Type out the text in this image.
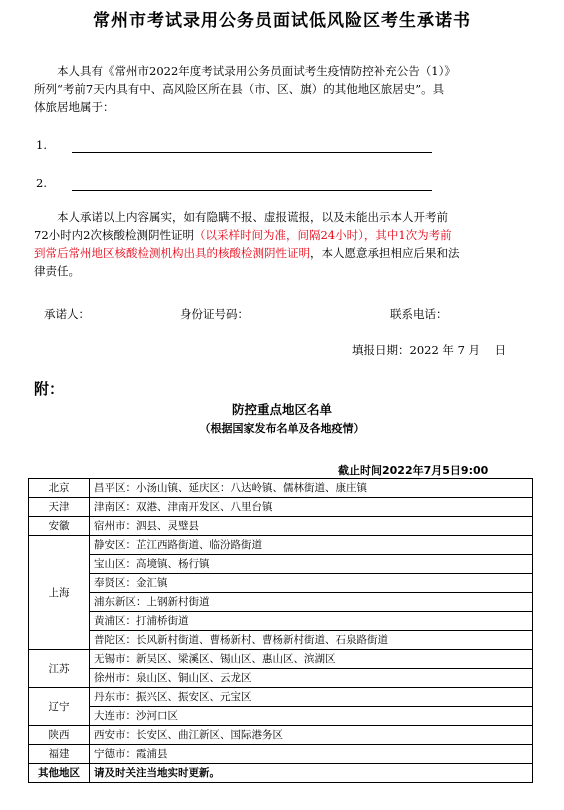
常州市考试录用公务员面试低风险区考生承诺书
本人具有《常州市2022年度考试录用公务员面试考生疫情防控补充公告（1）》
所列“考前7天内具有中、高风险区所在县（市、区、旗）的其他地区旅居史”。具
体旅居地属于：
1.
2.
本人承诺以上内容属实，如有隐瞒不报、虚报谎报，以及未能出示本人开考前
72小时内2次核酸检测阴性证明（以采样时间为准，间隔24小时），其中1次为考前
到常后常州地区核酸检测机构出具的核酸检测阴性证明，本人愿意承担相应后果和法
律责任。
承诺人：	身份证号码：	联系电话：
填报日期：2022 年 7 月    日
附：
防控重点地区名单
（根据国家发布名单及各地疫情）
截止时间2022年7月5日9:00
北京	昌平区：小汤山镇、延庆区：八达岭镇、儒林街道、康庄镇
天津	津南区：双港、津南开发区、八里台镇
安徽	宿州市：泗县、灵璧县
上海	静安区：芷江西路街道、临汾路街道
	宝山区：高境镇、杨行镇
	奉贤区：金汇镇
	浦东新区：上钢新村街道
	黄浦区：打浦桥街道
	普陀区：长风新村街道、曹杨新村、曹杨新村街道、石泉路街道
江苏	无锡市：新吴区、梁溪区、锡山区、惠山区、滨湖区
	徐州市：泉山区、铜山区、云龙区
辽宁	丹东市：振兴区、振安区、元宝区
	大连市：沙河口区
陕西	西安市：长安区、曲江新区、国际港务区
福建	宁德市：霞浦县
其他地区	请及时关注当地实时更新。
